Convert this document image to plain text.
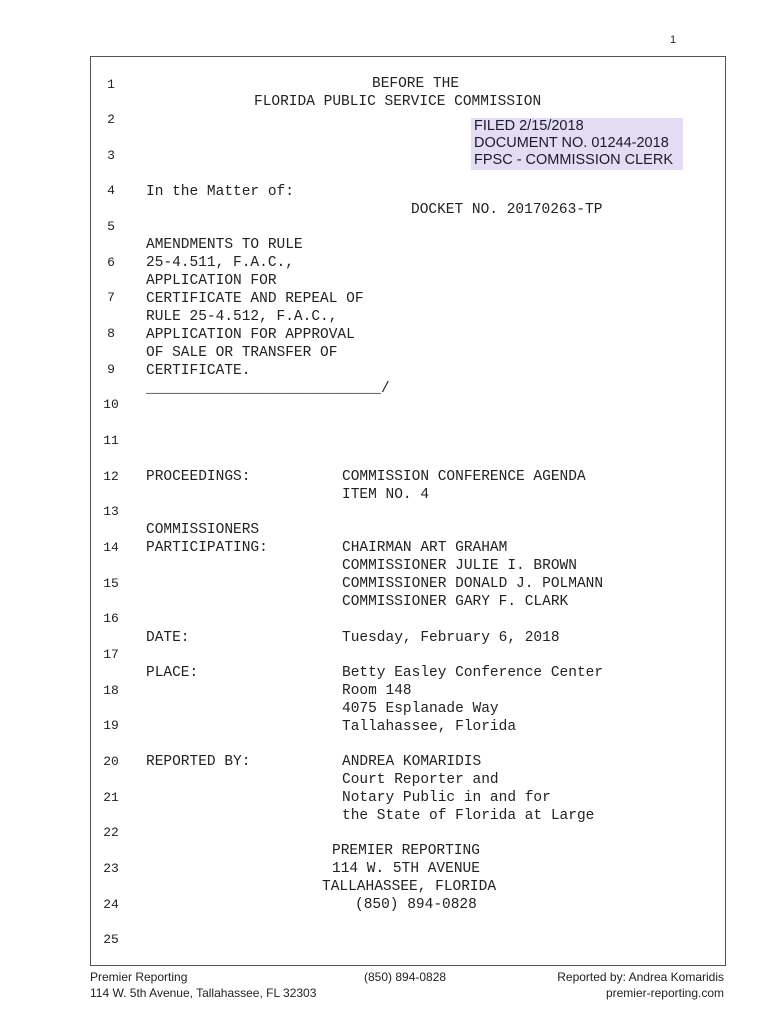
1
1
2
3
4
5
6
7
8
9
10
11
12
13
14
15
16
17
18
19
20
21
22
23
24
25
BEFORE THE
FLORIDA PUBLIC SERVICE COMMISSION
FILED 2/15/2018
DOCUMENT NO. 01244-2018
FPSC - COMMISSION CLERK
In the Matter of:
DOCKET NO. 20170263-TP
AMENDMENTS TO RULE
25-4.511, F.A.C.,
APPLICATION FOR
CERTIFICATE AND REPEAL OF
RULE 25-4.512, F.A.C.,
APPLICATION FOR APPROVAL
OF SALE OR TRANSFER OF
CERTIFICATE.
___________________________/
PROCEEDINGS:	COMMISSION CONFERENCE AGENDA
ITEM NO. 4
COMMISSIONERS
PARTICIPATING:	CHAIRMAN ART GRAHAM
COMMISSIONER JULIE I. BROWN
COMMISSIONER DONALD J. POLMANN
COMMISSIONER GARY F. CLARK
DATE:	Tuesday, February 6, 2018
PLACE:	Betty Easley Conference Center
Room 148
4075 Esplanade Way
Tallahassee, Florida
REPORTED BY:	ANDREA KOMARIDIS
Court Reporter and
Notary Public in and for
the State of Florida at Large
PREMIER REPORTING
114 W. 5TH AVENUE
TALLAHASSEE, FLORIDA
(850) 894-0828
Premier Reporting
114 W. 5th Avenue, Tallahassee, FL 32303
(850) 894-0828	Reported by: Andrea Komaridis
premier-reporting.com
